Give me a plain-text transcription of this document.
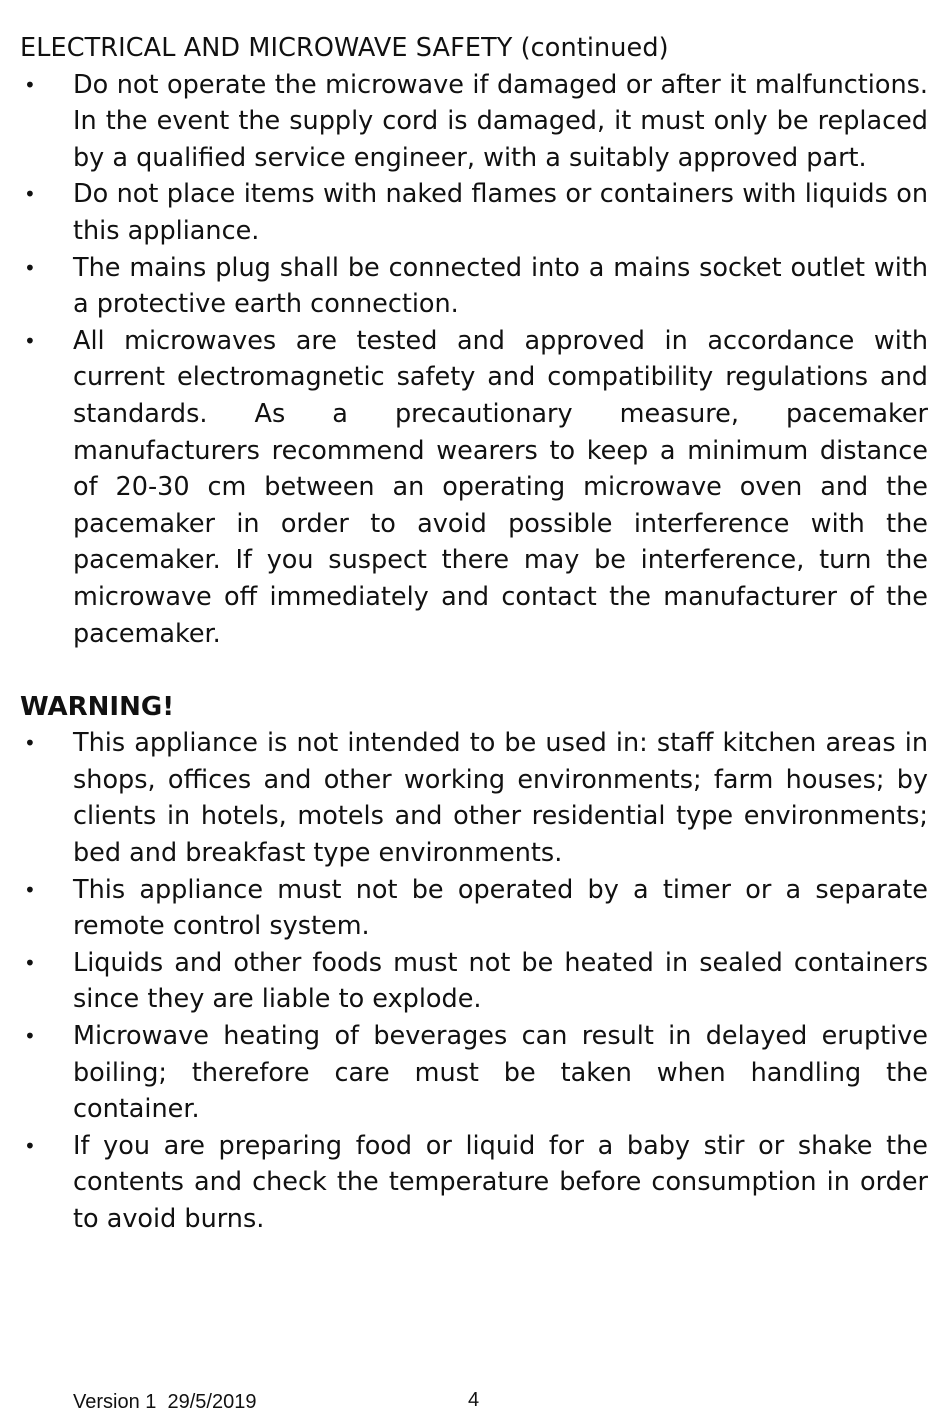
ELECTRICAL AND MICROWAVE SAFETY (continued)
•	Do not operate the microwave if damaged or after it malfunctions. In the event the supply cord is damaged, it must only be replaced by a qualified service engineer, with a suitably approved part.
•	Do not place items with naked flames or containers with liquids on this appliance.
•	The mains plug shall be connected into a mains socket outlet with a protective earth connection.
•	All microwaves are tested and approved in accordance with current electromagnetic safety and compatibility regulations and standards. As a precautionary measure, pacemaker manufacturers recommend wearers to keep a minimum distance of 20-30 cm between an operating microwave oven and the pacemaker in order to avoid possible interference with the pacemaker. If you suspect there may be interference, turn the microwave off immediately and contact the manufacturer of the pacemaker.
WARNING!
•	This appliance is not intended to be used in: staff kitchen areas in shops, offices and other working environments; farm houses; by clients in hotels, motels and other residential type environments; bed and breakfast type environments.
•	This appliance must not be operated by a timer or a separate remote control system.
•	Liquids and other foods must not be heated in sealed containers since they are liable to explode.
•	Microwave heating of beverages can result in delayed eruptive boiling; therefore care must be taken when handling the container.
•	If you are preparing food or liquid for a baby stir or shake the contents and check the temperature before consumption in order to avoid burns.
Version 1  29/5/2019	4
